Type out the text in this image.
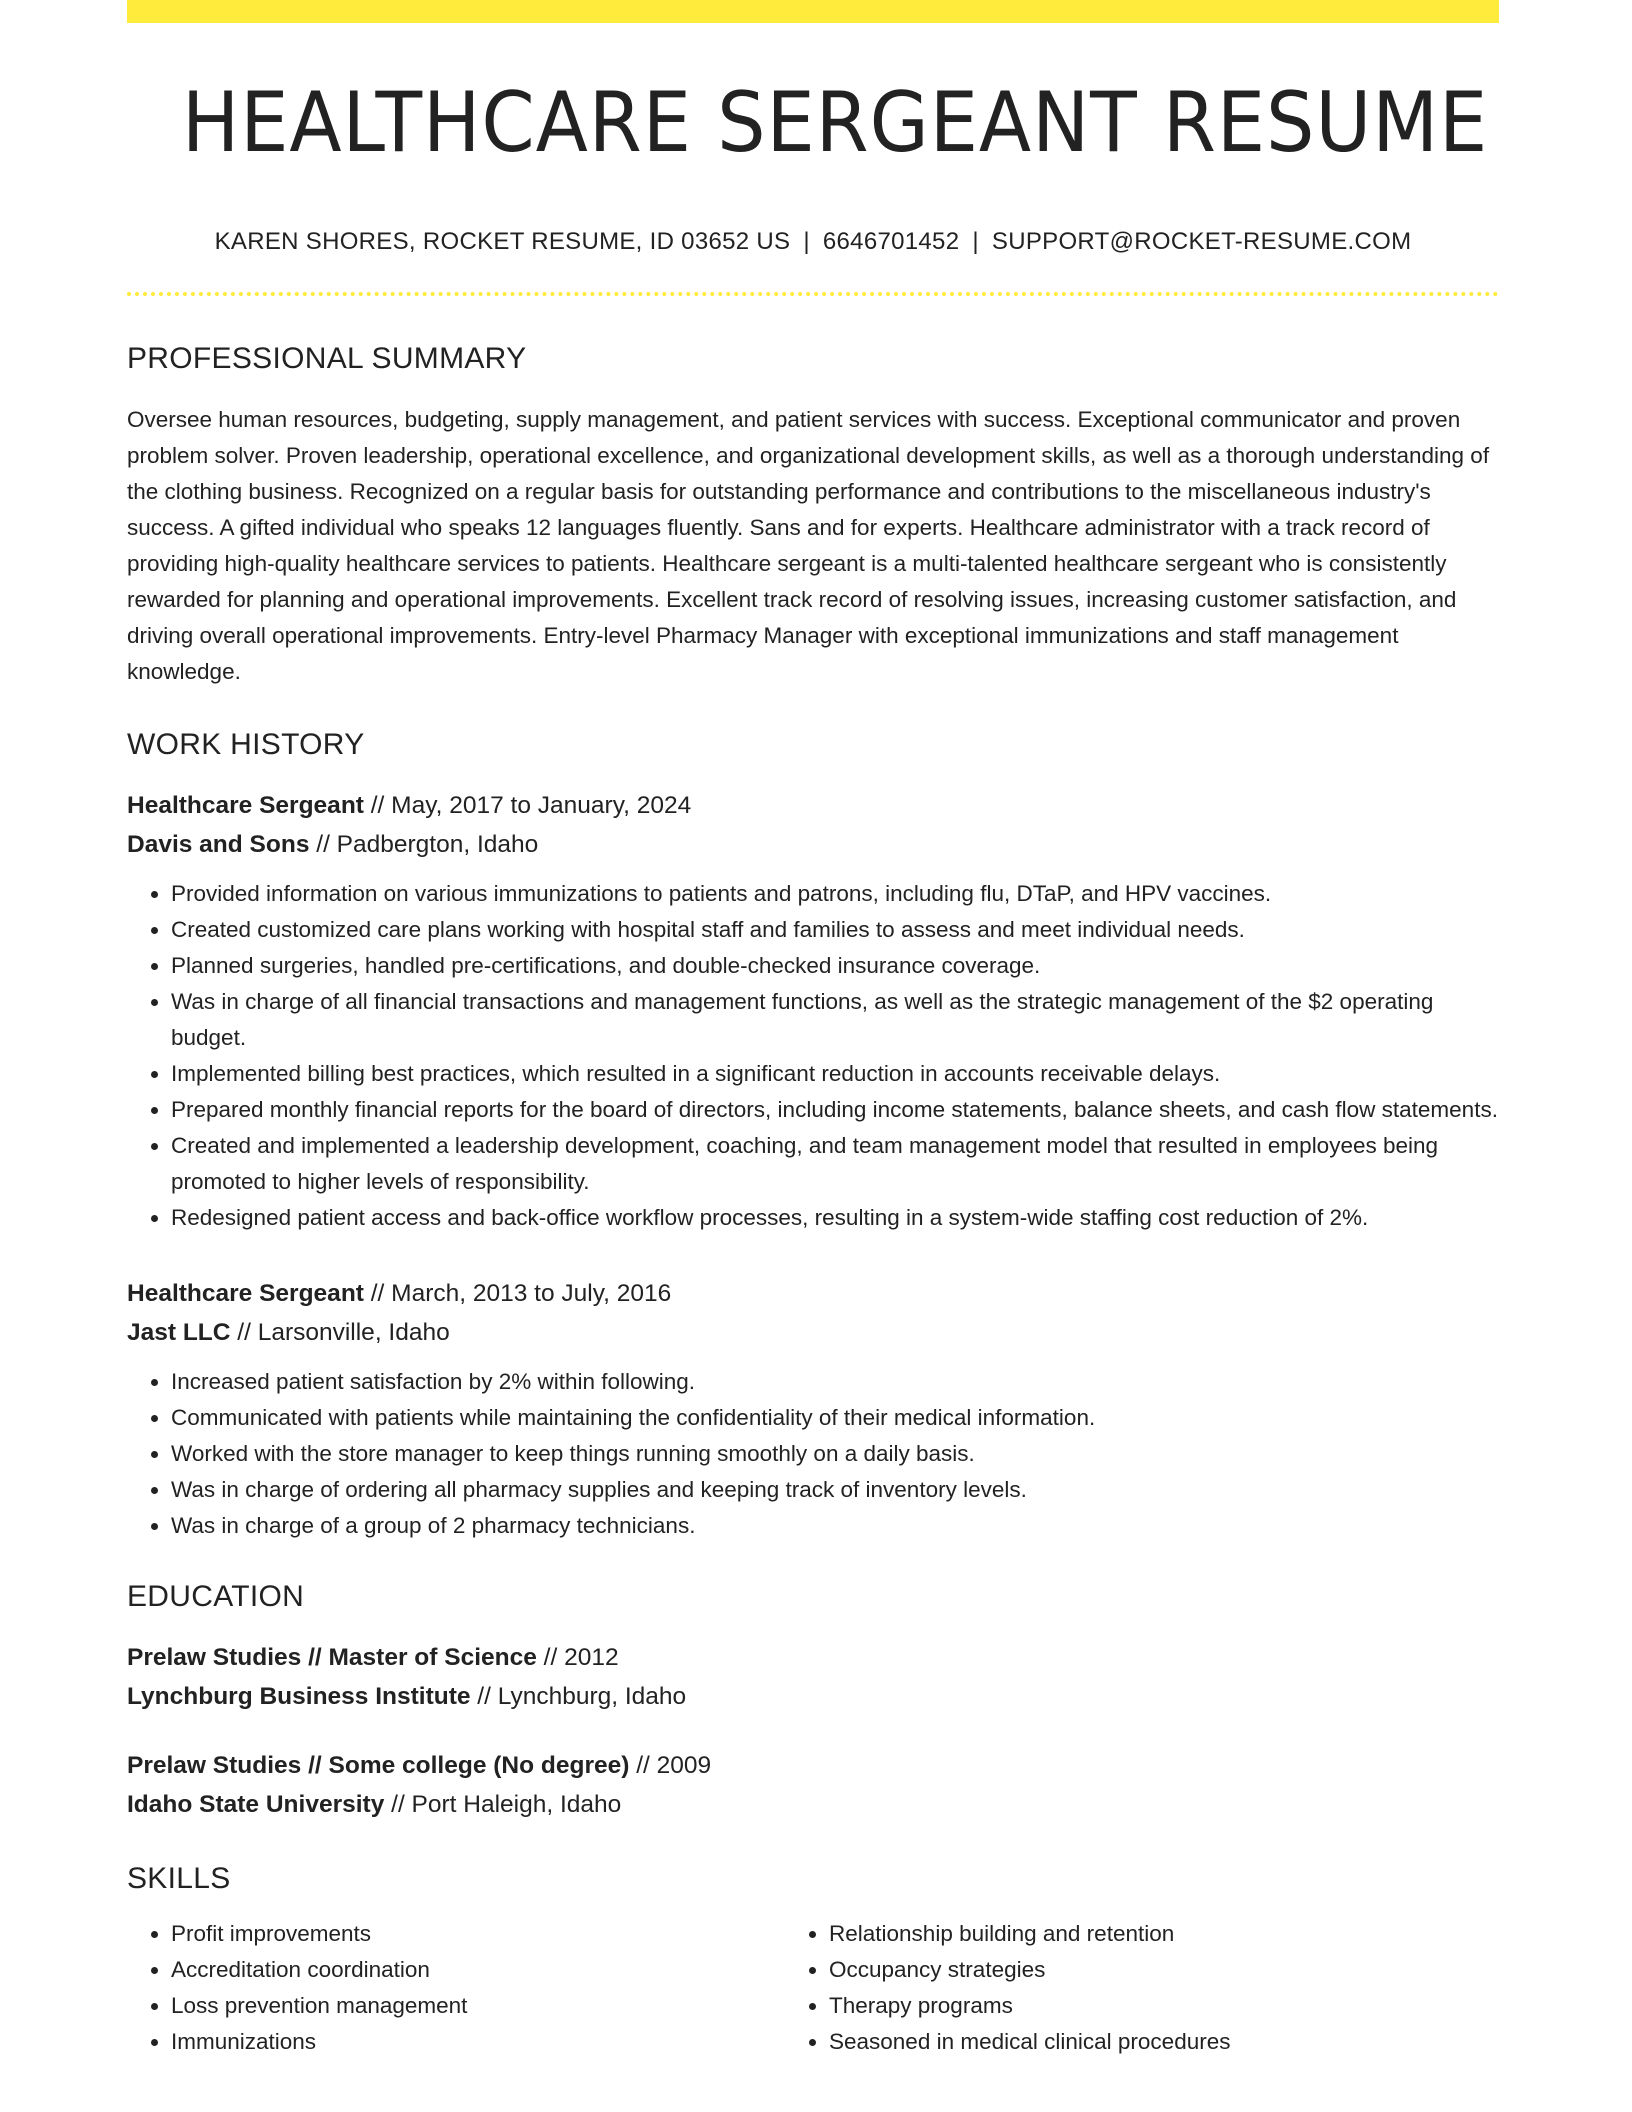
HEALTHCARE SERGEANT RESUME
KAREN SHORES, ROCKET RESUME, ID 03652 US | 6646701452 | SUPPORT@ROCKET-RESUME.COM
PROFESSIONAL SUMMARY
Oversee human resources, budgeting, supply management, and patient services with success. Exceptional communicator and proven problem solver. Proven leadership, operational excellence, and organizational development skills, as well as a thorough understanding of the clothing business. Recognized on a regular basis for outstanding performance and contributions to the miscellaneous industry's success. A gifted individual who speaks 12 languages fluently. Sans and for experts. Healthcare administrator with a track record of providing high-quality healthcare services to patients. Healthcare sergeant is a multi-talented healthcare sergeant who is consistently rewarded for planning and operational improvements. Excellent track record of resolving issues, increasing customer satisfaction, and driving overall operational improvements. Entry-level Pharmacy Manager with exceptional immunizations and staff management knowledge.
WORK HISTORY
Healthcare Sergeant // May, 2017 to January, 2024
Davis and Sons // Padbergton, Idaho
• Provided information on various immunizations to patients and patrons, including flu, DTaP, and HPV vaccines.
• Created customized care plans working with hospital staff and families to assess and meet individual needs.
• Planned surgeries, handled pre-certifications, and double-checked insurance coverage.
• Was in charge of all financial transactions and management functions, as well as the strategic management of the $2 operating budget.
• Implemented billing best practices, which resulted in a significant reduction in accounts receivable delays.
• Prepared monthly financial reports for the board of directors, including income statements, balance sheets, and cash flow statements.
• Created and implemented a leadership development, coaching, and team management model that resulted in employees being promoted to higher levels of responsibility.
• Redesigned patient access and back-office workflow processes, resulting in a system-wide staffing cost reduction of 2%.
Healthcare Sergeant // March, 2013 to July, 2016
Jast LLC // Larsonville, Idaho
• Increased patient satisfaction by 2% within following.
• Communicated with patients while maintaining the confidentiality of their medical information.
• Worked with the store manager to keep things running smoothly on a daily basis.
• Was in charge of ordering all pharmacy supplies and keeping track of inventory levels.
• Was in charge of a group of 2 pharmacy technicians.
EDUCATION
Prelaw Studies // Master of Science // 2012
Lynchburg Business Institute // Lynchburg, Idaho
Prelaw Studies // Some college (No degree) // 2009
Idaho State University // Port Haleigh, Idaho
SKILLS
• Profit improvements
• Accreditation coordination
• Loss prevention management
• Immunizations
• Relationship building and retention
• Occupancy strategies
• Therapy programs
• Seasoned in medical clinical procedures
